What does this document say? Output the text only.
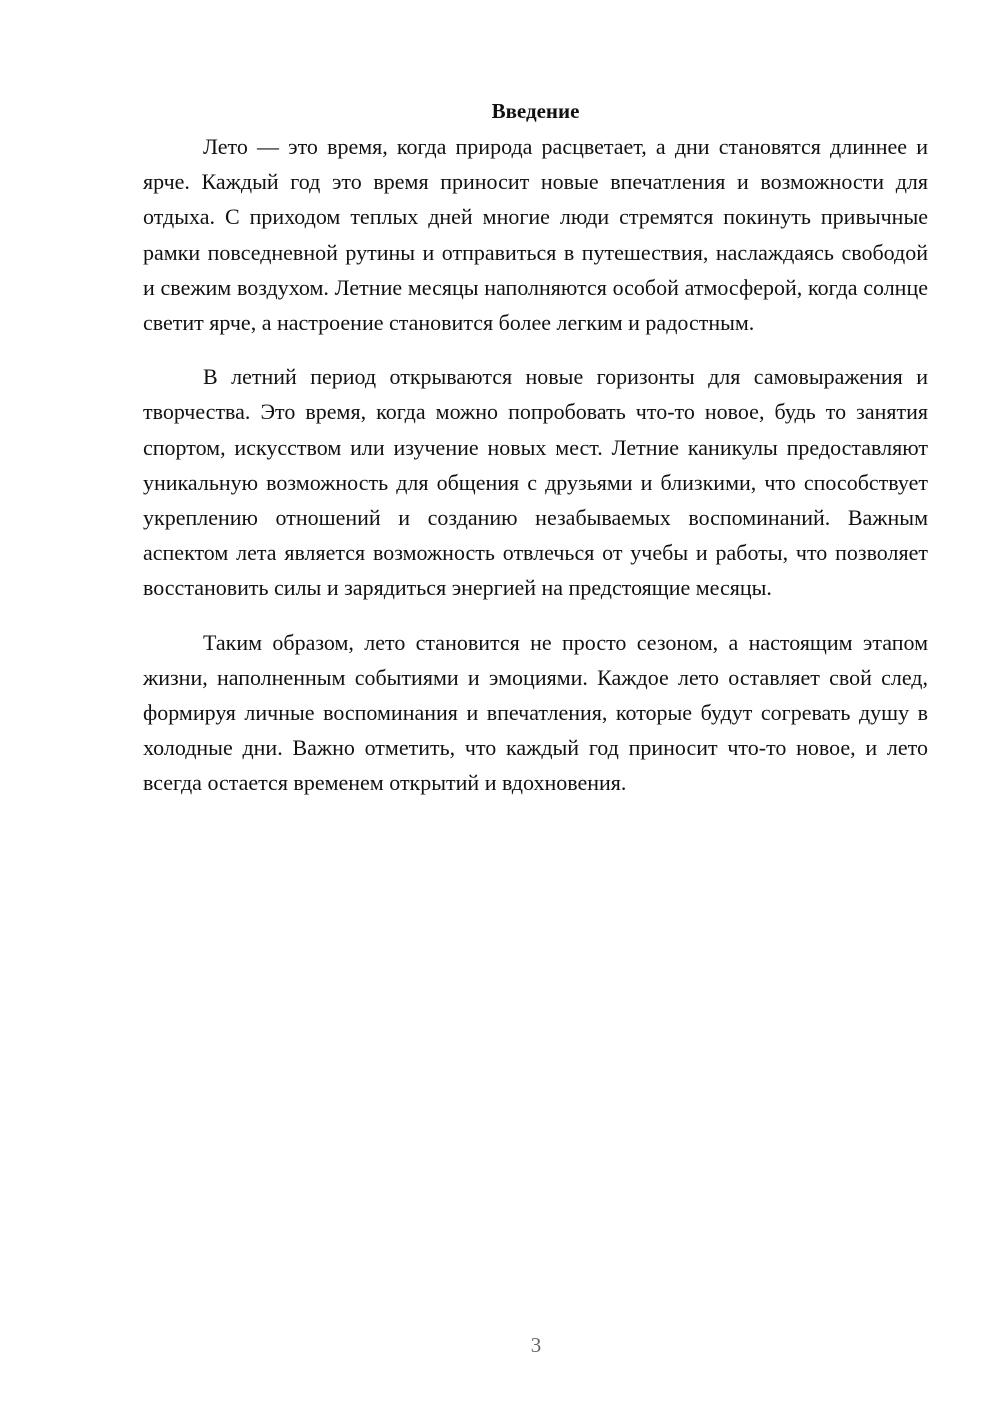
Введение

Лето — это время, когда природа расцветает, а дни становятся длиннее и ярче. Каждый год это время приносит новые впечатления и возможности для отдыха. С приходом теплых дней многие люди стремятся покинуть привычные рамки повседневной рутины и отправиться в путешествия, наслаждаясь свободой и свежим воздухом. Летние месяцы наполняются особой атмосферой, когда солнце светит ярче, а настроение становится более легким и радостным.

В летний период открываются новые горизонты для самовыражения и творчества. Это время, когда можно попробовать что-то новое, будь то занятия спортом, искусством или изучение новых мест. Летние каникулы предоставляют уникальную возможность для общения с друзьями и близкими, что способствует укреплению отношений и созданию незабываемых воспоминаний. Важным аспектом лета является возможность отвлечься от учебы и работы, что позволяет восстановить силы и зарядиться энергией на предстоящие месяцы.

Таким образом, лето становится не просто сезоном, а настоящим этапом жизни, наполненным событиями и эмоциями. Каждое лето оставляет свой след, формируя личные воспоминания и впечатления, которые будут согревать душу в холодные дни. Важно отметить, что каждый год приносит что-то новое, и лето всегда остается временем открытий и вдохновения.

3
